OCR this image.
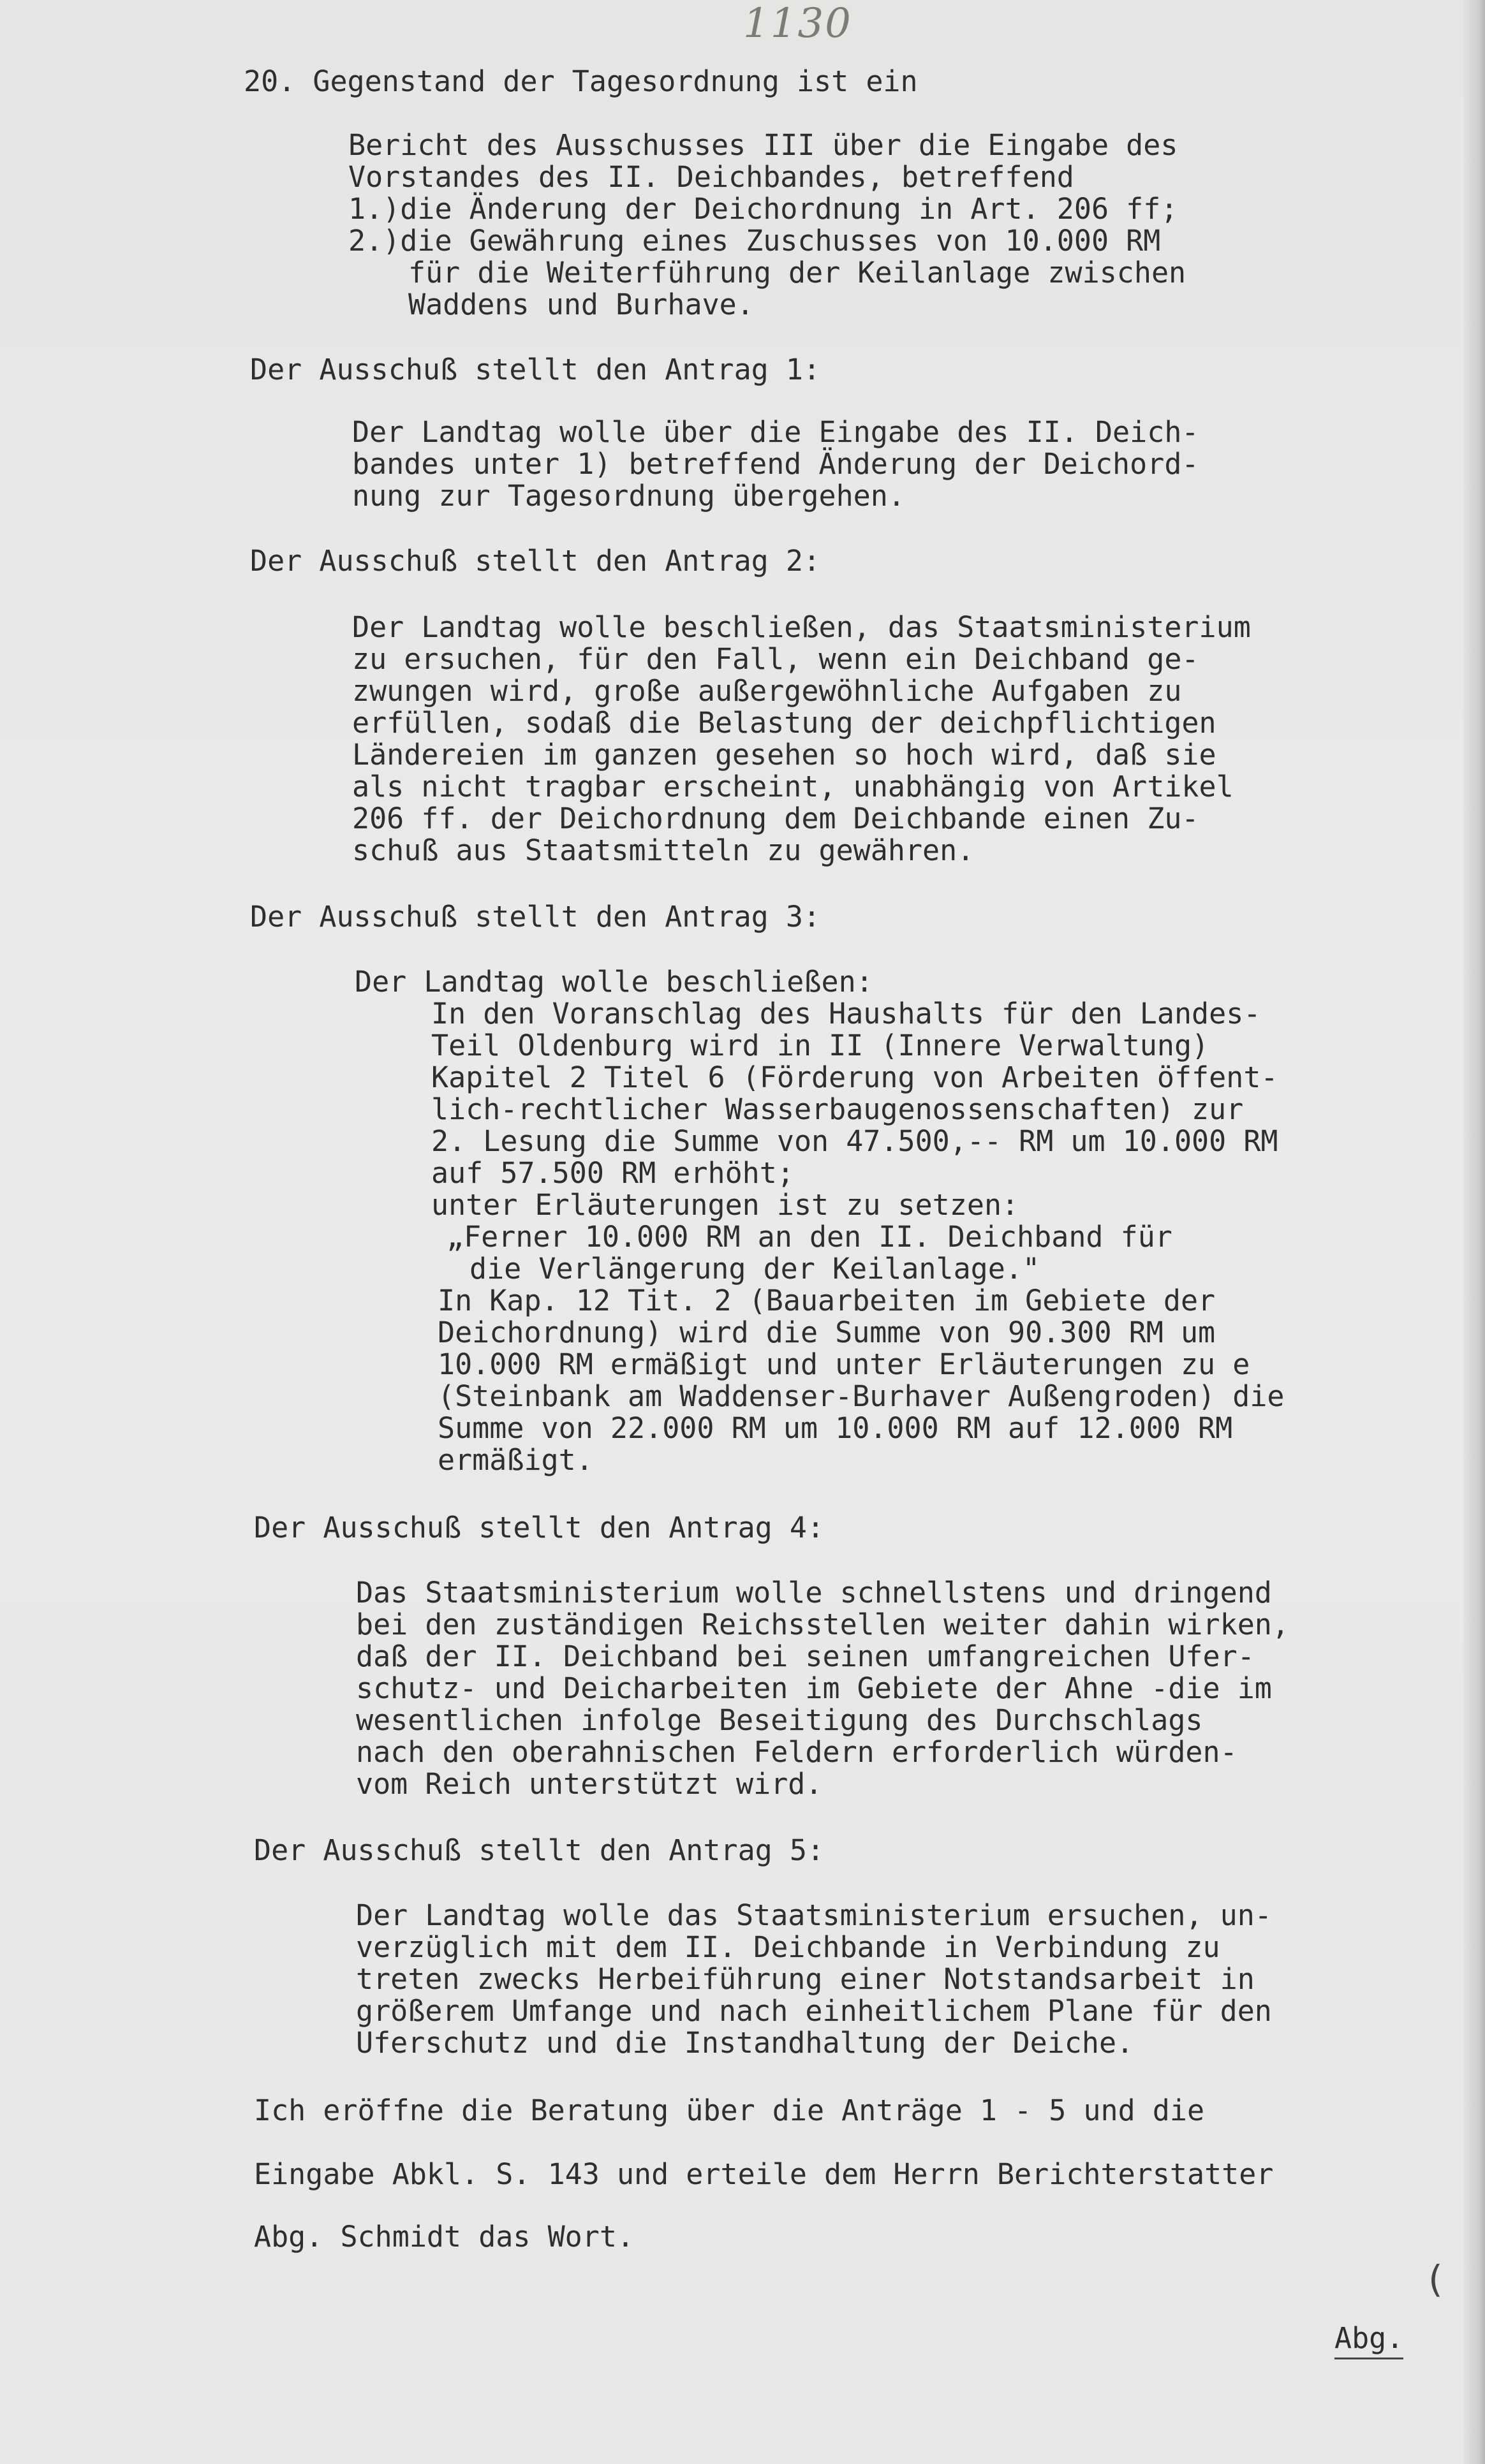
1130
20. Gegenstand der Tagesordnung ist ein
Bericht des Ausschusses III über die Eingabe des
Vorstandes des II. Deichbandes, betreffend
1.)die Änderung der Deichordnung in Art. 206 ff;
2.)die Gewährung eines Zuschusses von 10.000 RM
für die Weiterführung der Keilanlage zwischen
Waddens und Burhave.
Der Ausschuß stellt den Antrag 1:
Der Landtag wolle über die Eingabe des II. Deich-
bandes unter 1) betreffend Änderung der Deichord-
nung zur Tagesordnung übergehen.
Der Ausschuß stellt den Antrag 2:
Der Landtag wolle beschließen, das Staatsministerium
zu ersuchen, für den Fall, wenn ein Deichband ge-
zwungen wird, große außergewöhnliche Aufgaben zu
erfüllen, sodaß die Belastung der deichpflichtigen
Ländereien im ganzen gesehen so hoch wird, daß sie
als nicht tragbar erscheint, unabhängig von Artikel
206 ff. der Deichordnung dem Deichbande einen Zu-
schuß aus Staatsmitteln zu gewähren.
Der Ausschuß stellt den Antrag 3:
Der Landtag wolle beschließen:
In den Voranschlag des Haushalts für den Landes-
Teil Oldenburg wird in II (Innere Verwaltung)
Kapitel 2 Titel 6 (Förderung von Arbeiten öffent-
lich-rechtlicher Wasserbaugenossenschaften) zur
2. Lesung die Summe von 47.500,-- RM um 10.000 RM
auf 57.500 RM erhöht;
unter Erläuterungen ist zu setzen:
„Ferner 10.000 RM an den II. Deichband für
die Verlängerung der Keilanlage."
In Kap. 12 Tit. 2 (Bauarbeiten im Gebiete der
Deichordnung) wird die Summe von 90.300 RM um
10.000 RM ermäßigt und unter Erläuterungen zu e
(Steinbank am Waddenser-Burhaver Außengroden) die
Summe von 22.000 RM um 10.000 RM auf 12.000 RM
ermäßigt.
Der Ausschuß stellt den Antrag 4:
Das Staatsministerium wolle schnellstens und dringend
bei den zuständigen Reichsstellen weiter dahin wirken,
daß der II. Deichband bei seinen umfangreichen Ufer-
schutz- und Deicharbeiten im Gebiete der Ahne -die im
wesentlichen infolge Beseitigung des Durchschlags
nach den oberahnischen Feldern erforderlich würden-
vom Reich unterstützt wird.
Der Ausschuß stellt den Antrag 5:
Der Landtag wolle das Staatsministerium ersuchen, un-
verzüglich mit dem II. Deichbande in Verbindung zu
treten zwecks Herbeiführung einer Notstandsarbeit in
größerem Umfange und nach einheitlichem Plane für den
Uferschutz und die Instandhaltung der Deiche.
Ich eröffne die Beratung über die Anträge 1 - 5 und die
Eingabe Abkl. S. 143 und erteile dem Herrn Berichterstatter
Abg. Schmidt das Wort.
(
Abg.
